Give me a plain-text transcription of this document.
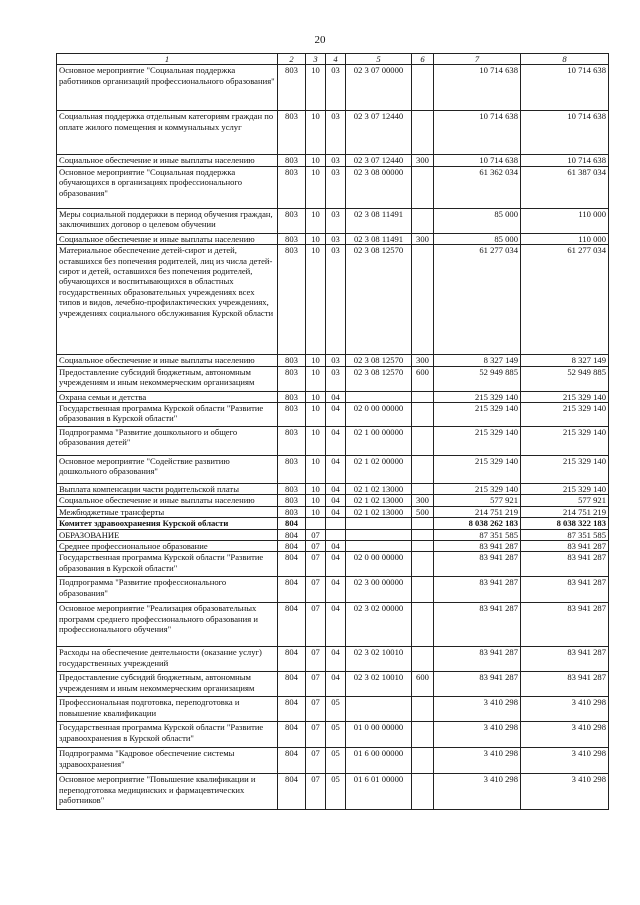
20
1	2	3	4	5	6	7	8
Основное мероприятие "Социальная поддержка работников организаций профессионального образования"	803	10	03	02 3 07 00000		10 714 638	10 714 638
Социальная поддержка отдельным категориям граждан по оплате жилого помещения и коммунальных услуг	803	10	03	02 3 07 12440		10 714 638	10 714 638
Социальное обеспечение и иные выплаты населению	803	10	03	02 3 07 12440	300	10 714 638	10 714 638
Основное мероприятие "Социальная поддержка обучающихся в организациях профессионального образования"	803	10	03	02 3 08 00000		61 362 034	61 387 034
Меры социальной поддержки в период обучения граждан, заключивших договор о целевом обучении	803	10	03	02 3 08 11491		85 000	110 000
Социальное обеспечение и иные выплаты населению	803	10	03	02 3 08 11491	300	85 000	110 000
Материальное обеспечение детей-сирот и детей, оставшихся без попечения родителей, лиц из числа детей-сирот и детей, оставшихся без попечения родителей, обучающихся и воспитывающихся в областных государственных образовательных учреждениях всех типов и видов, лечебно-профилактических учреждениях, учреждениях социального обслуживания Курской области	803	10	03	02 3 08 12570		61 277 034	61 277 034
Социальное обеспечение и иные выплаты населению	803	10	03	02 3 08 12570	300	8 327 149	8 327 149
Предоставление субсидий бюджетным, автономным учреждениям и иным некоммерческим организациям	803	10	03	02 3 08 12570	600	52 949 885	52 949 885
Охрана семьи и детства	803	10	04			215 329 140	215 329 140
Государственная программа Курской области "Развитие образования в Курской области"	803	10	04	02 0 00 00000		215 329 140	215 329 140
Подпрограмма "Развитие дошкольного и общего образования детей"	803	10	04	02 1 00 00000		215 329 140	215 329 140
Основное мероприятие "Содействие развитию дошкольного образования"	803	10	04	02 1 02 00000		215 329 140	215 329 140
Выплата компенсации части родительской платы	803	10	04	02 1 02 13000		215 329 140	215 329 140
Социальное обеспечение и иные выплаты населению	803	10	04	02 1 02 13000	300	577 921	577 921
Межбюджетные трансферты	803	10	04	02 1 02 13000	500	214 751 219	214 751 219
Комитет здравоохранения Курской области	804					8 038 262 183	8 038 322 183
ОБРАЗОВАНИЕ	804	07				87 351 585	87 351 585
Среднее профессиональное образование	804	07	04			83 941 287	83 941 287
Государственная программа Курской области "Развитие образования в Курской области"	804	07	04	02 0 00 00000		83 941 287	83 941 287
Подпрограмма "Развитие профессионального образования"	804	07	04	02 3 00 00000		83 941 287	83 941 287
Основное мероприятие "Реализация образовательных программ среднего профессионального образования и профессионального обучения"	804	07	04	02 3 02 00000		83 941 287	83 941 287
Расходы на обеспечение деятельности (оказание услуг) государственных учреждений	804	07	04	02 3 02 10010		83 941 287	83 941 287
Предоставление субсидий бюджетным, автономным учреждениям и иным некоммерческим организациям	804	07	04	02 3 02 10010	600	83 941 287	83 941 287
Профессиональная подготовка, переподготовка и повышение квалификации	804	07	05			3 410 298	3 410 298
Государственная программа Курской области "Развитие здравоохранения в Курской области"	804	07	05	01 0 00 00000		3 410 298	3 410 298
Подпрограмма "Кадровое обеспечение системы здравоохранения"	804	07	05	01 6 00 00000		3 410 298	3 410 298
Основное мероприятие "Повышение квалификации и переподготовка медицинских и фармацевтических работников"	804	07	05	01 6 01 00000		3 410 298	3 410 298
